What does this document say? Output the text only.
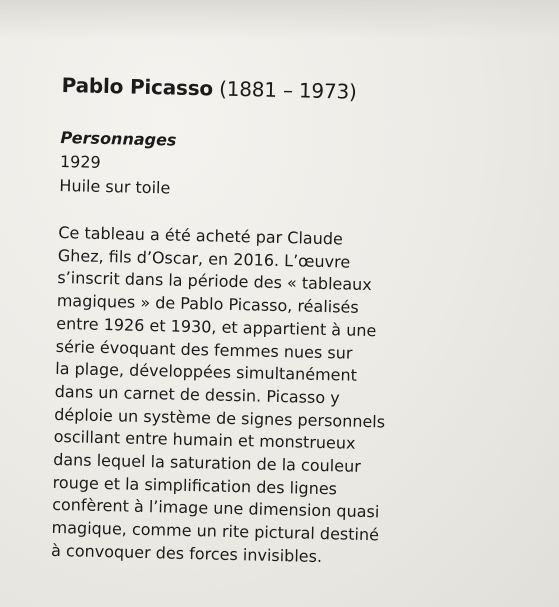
Pablo Picasso (1881 – 1973)
Personnages
1929
Huile sur toile
Ce tableau a été acheté par Claude
Ghez, fils d’Oscar, en 2016. L’œuvre
s’inscrit dans la période des « tableaux
magiques » de Pablo Picasso, réalisés
entre 1926 et 1930, et appartient à une
série évoquant des femmes nues sur
la plage, développées simultanément
dans un carnet de dessin. Picasso y
déploie un système de signes personnels
oscillant entre humain et monstrueux
dans lequel la saturation de la couleur
rouge et la simplification des lignes
confèrent à l’image une dimension quasi
magique, comme un rite pictural destiné
à convoquer des forces invisibles.
